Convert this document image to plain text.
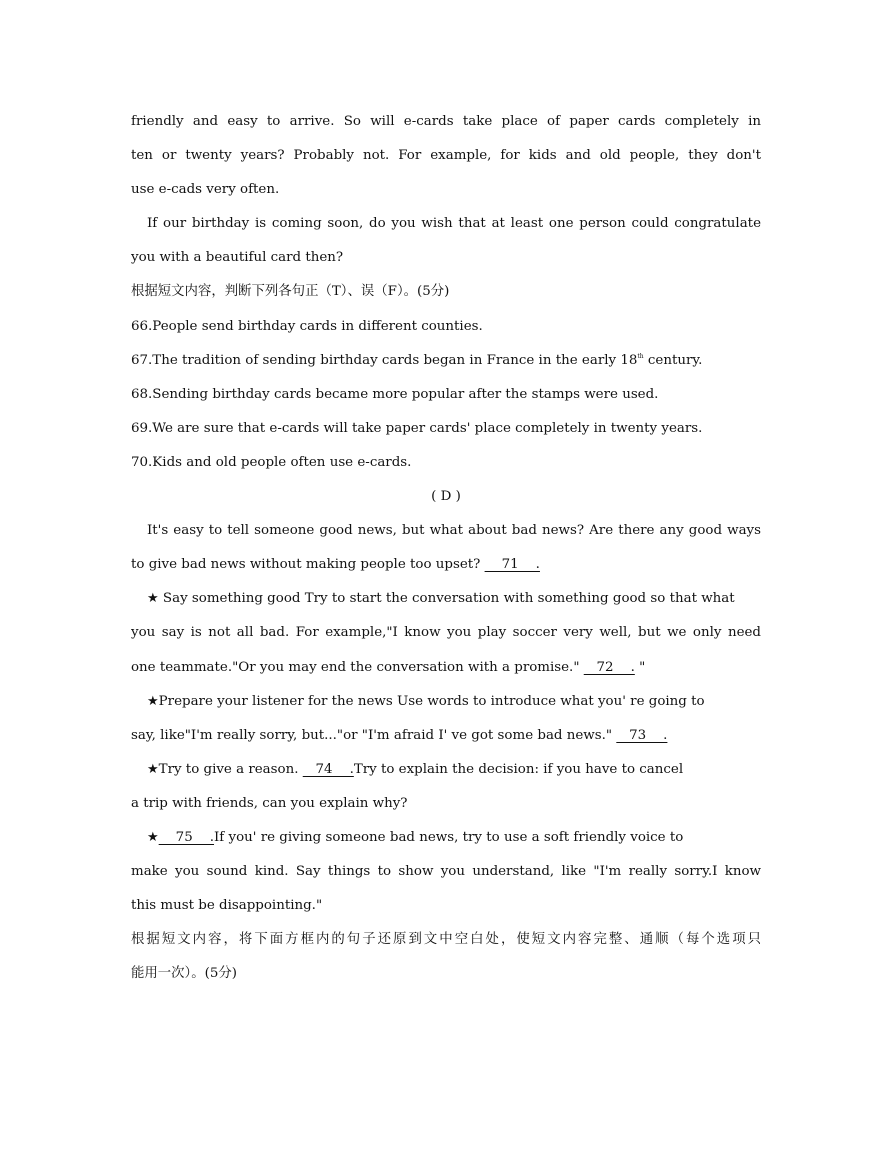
friendly and easy to arrive. So will e-cards take place of paper cards completely in
ten or twenty years? Probably not. For example, for kids and old people, they don't
use e-cads very often.
If our birthday is coming soon, do you wish that at least one person could congratulate
you with a beautiful card then?
根据短文内容，判断下列各句正（T）、误（F）。(5分)
66.People send birthday cards in different counties.
67.The tradition of sending birthday cards began in France in the early 18th century.
68.Sending birthday cards became more popular after the stamps were used.
69.We are sure that e-cards will take paper cards' place completely in twenty years.
70.Kids and old people often use e-cards.
( D )
It's easy to tell someone good news, but what about bad news? Are there any good ways
to give bad news without making people too upset?     71    .
★ Say something good Try to start the conversation with something good so that what
you say is not all bad. For example,"I know you play soccer very well, but we only need
one teammate."Or you may end the conversation with a promise."    72    . "
★Prepare your listener for the news Use words to introduce what you' re going to
say, like"I'm really sorry, but..."or "I'm afraid I' ve got some bad news."    73    .
★Try to give a reason.    74    .Try to explain the decision: if you have to cancel
a trip with friends, can you explain why?
★    75    .If you' re giving someone bad news, try to use a soft friendly voice to
make you sound kind. Say things to show you understand, like "I'm really sorry.I know
this must be disappointing."
根据短文内容，将下面方框内的句子还原到文中空白处，使短文内容完整、通顺（每个选项只
能用一次）。(5分)
